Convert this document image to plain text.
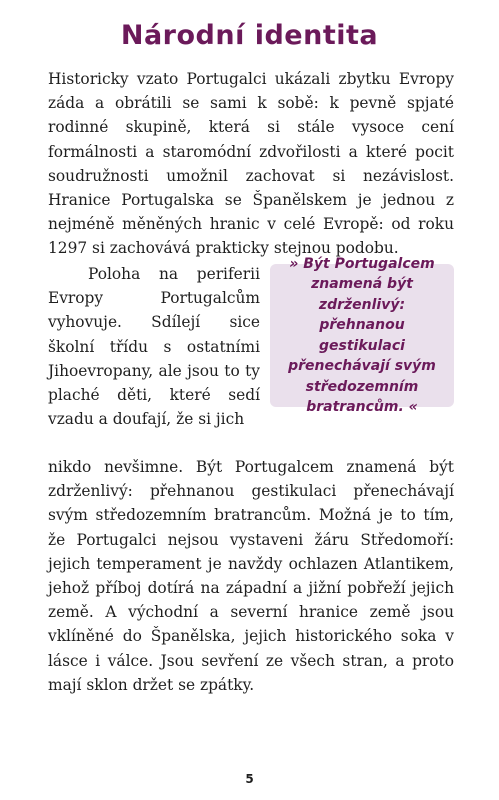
Národní identita
Historicky vzato Portugalci ukázali zbytku Evropy záda a obrátili se sami k sobě: k pevně spjaté rodinné skupině, která si stále vysoce cení formálnosti a staromódní zdvořilosti a které pocit soudružnosti umožnil zachovat si nezávislost. Hranice Portugalska se Španělskem je jednou z nejméně měněných hranic v celé Evropě: od roku 1297 si zachovává prakticky stejnou podobu.
Poloha na periferii Evropy Portugalcům vyhovuje. Sdílejí sice školní třídu s ostatními Jihoevropany, ale jsou to ty plaché děti, které sedí vzadu a doufají, že si jich
» Být Portugalcem znamená být zdrženlivý: přehnanou gestikulaci přenechávají svým středozemním bratrancům. «
nikdo nevšimne. Být Portugalcem znamená být zdrženlivý: přehnanou gestikulaci přenechávají svým středozemním bratrancům. Možná je to tím, že Portugalci nejsou vystaveni žáru Středomoří: jejich temperament je navždy ochlazen Atlantikem, jehož příboj dotírá na západní a jižní pobřeží jejich země. A východní a severní hranice země jsou vklíněné do Španělska, jejich historického soka v lásce i válce. Jsou sevření ze všech stran, a proto mají sklon držet se zpátky.
5
